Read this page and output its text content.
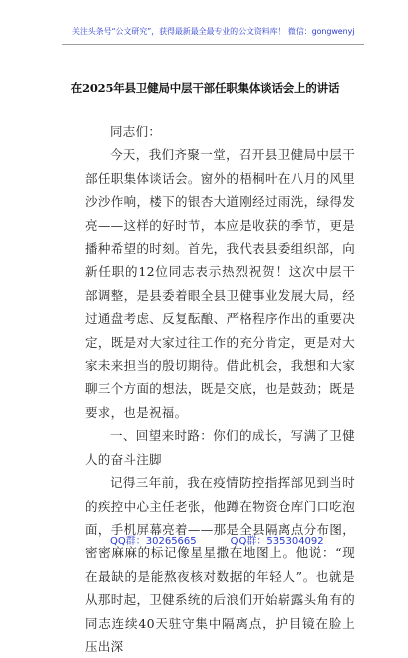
关注头条号“公文研究”，获得最新最全最专业的公文资料库！ 微信：gongwenyj
在2025年县卫健局中层干部任职集体谈话会上的讲话

同志们：

今天，我们齐聚一堂，召开县卫健局中层干部任职集体谈话会。窗外的梧桐叶在八月的风里沙沙作响，楼下的银杏大道刚经过雨洗，绿得发亮——这样的好时节，本应是收获的季节，更是播种希望的时刻。首先，我代表县委组织部，向新任职的12位同志表示热烈祝贺！这次中层干部调整，是县委着眼全县卫健事业发展大局，经过通盘考虑、反复酝酿、严格程序作出的重要决定，既是对大家过往工作的充分肯定，更是对大家未来担当的殷切期待。借此机会，我想和大家聊三个方面的想法，既是交底，也是鼓劲；既是要求，也是祝福。

一、回望来时路：你们的成长，写满了卫健人的奋斗注脚

记得三年前，我在疫情防控指挥部见到当时的疾控中心主任老张，他蹲在物资仓库门口吃泡面，手机屏幕亮着——那是全县隔离点分布图，密密麻麻的标记像星星撒在地图上。他说：“现在最缺的是能熬夜核对数据的年轻人”。也就是从那时起，卫健系统的后浪们开始崭露头角有的同志连续40天驻守集中隔离点，护目镜在脸上压出深

QQ群：30265665	QQ群：535304092
